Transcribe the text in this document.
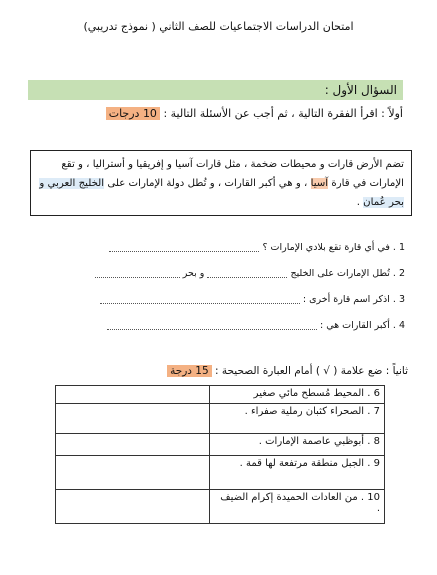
امتحان الدراسات الاجتماعيات للصف الثاني ( نموذج تدريبي)
السؤال الأول :
أولاً : اقرأ الفقرة التالية ، ثم أجب عن الأسئلة التالية : 10 درجات
تضم الأرض قارات و محيطات ضخمة ، مثل قارات آسيا و إفريقيا و أستراليا ، و تقع الإمارات في قارة آسيا ، و هي أكبر القارات ، و تُطل دولة الإمارات على الخليج العربي و بحر عُمان .
1 . في أي قارة تقع بلادي الإمارات ؟
2 . تُطل الإمارات على الخليج  و بحر
3 . اذكر اسم قارة أخرى :
4 . أكبر القارات هي :
ثانياً : ضع علامة ( √ ) أمام العبارة الصحيحة : 15 درجة
6 . المحيط مُسطح مائي صغير	
7 . الصحراء كثبان رملية صفراء .	
8 . أبوظبي عاصمة الإمارات .	
9 . الجبل منطقة مرتفعة لها قمة .	
10 . من العادات الحميدة إكرام الضيف .	
